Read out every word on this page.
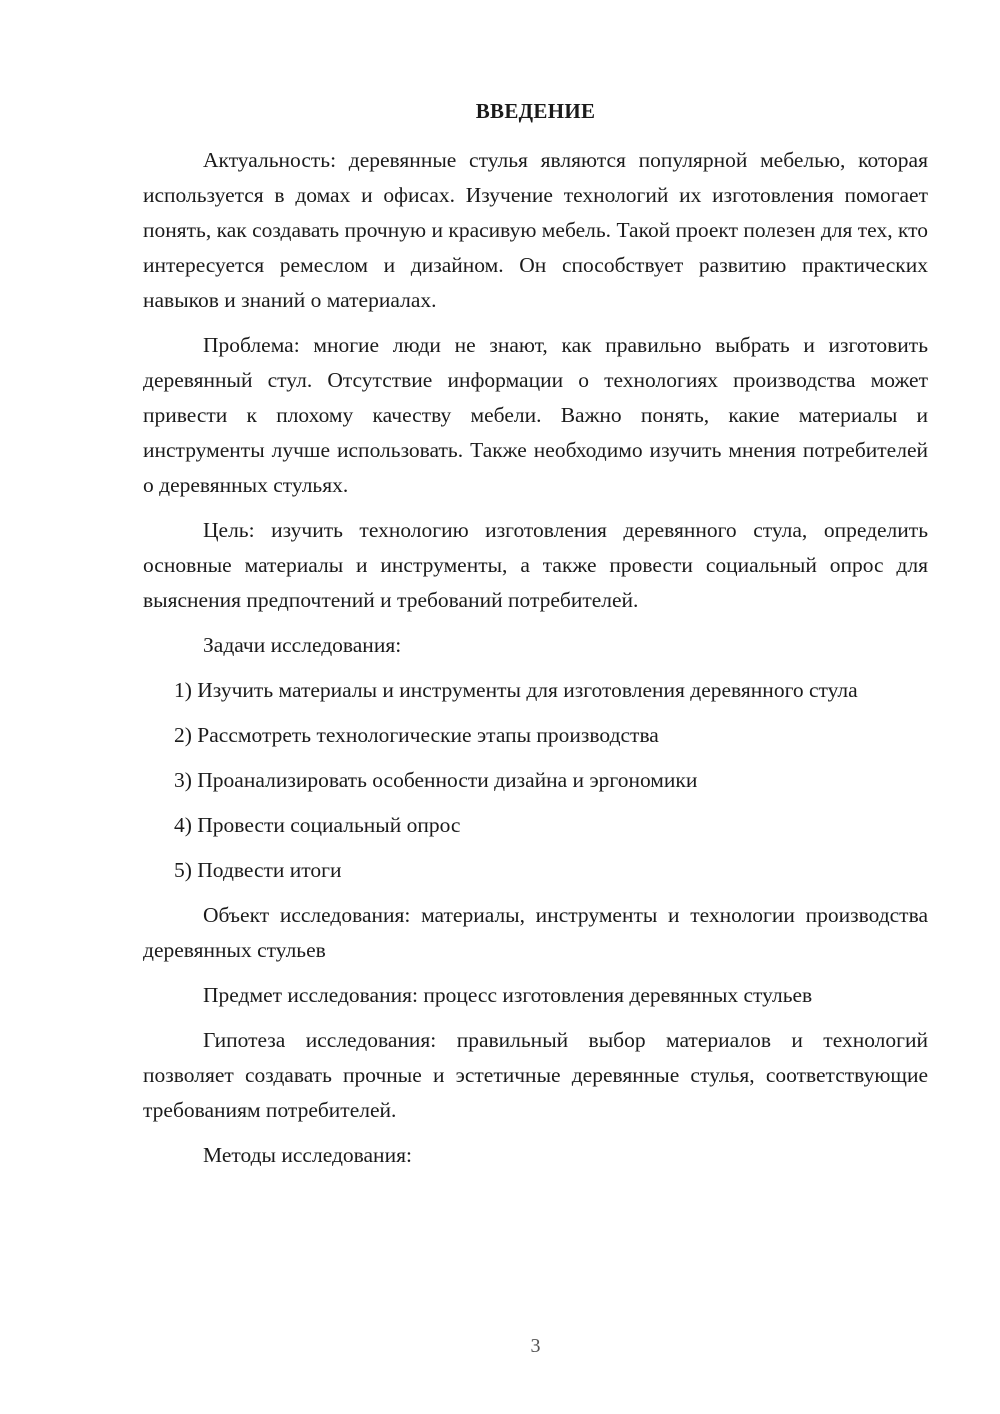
ВВЕДЕНИЕ

Актуальность: деревянные стулья являются популярной мебелью, которая используется в домах и офисах. Изучение технологий их изготовления помогает понять, как создавать прочную и красивую мебель. Такой проект полезен для тех, кто интересуется ремеслом и дизайном. Он способствует развитию практических навыков и знаний о материалах.

Проблема: многие люди не знают, как правильно выбрать и изготовить деревянный стул. Отсутствие информации о технологиях производства может привести к плохому качеству мебели. Важно понять, какие материалы и инструменты лучше использовать. Также необходимо изучить мнения потребителей о деревянных стульях.

Цель: изучить технологию изготовления деревянного стула, определить основные материалы и инструменты, а также провести социальный опрос для выяснения предпочтений и требований потребителей.

Задачи исследования:

1) Изучить материалы и инструменты для изготовления деревянного стула

2) Рассмотреть технологические этапы производства

3) Проанализировать особенности дизайна и эргономики

4) Провести социальный опрос

5) Подвести итоги

Объект исследования: материалы, инструменты и технологии производства деревянных стульев

Предмет исследования: процесс изготовления деревянных стульев

Гипотеза исследования: правильный выбор материалов и технологий позволяет создавать прочные и эстетичные деревянные стулья, соответствующие требованиям потребителей.

Методы исследования:

3
